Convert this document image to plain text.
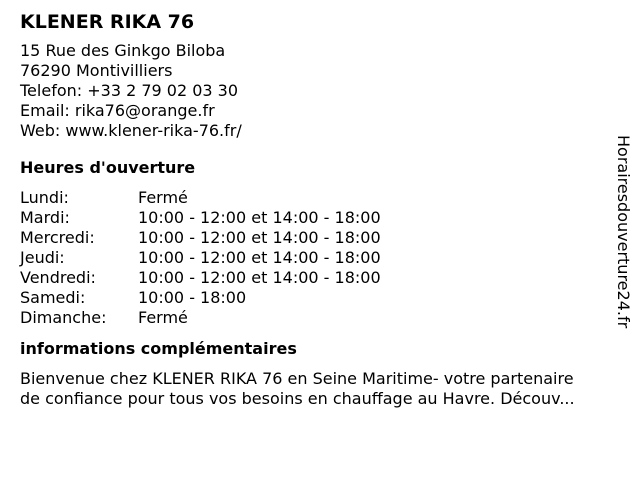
KLENER RIKA 76
15 Rue des Ginkgo Biloba
76290 Montivilliers
Telefon: +33 2 79 02 03 30
Email: rika76@orange.fr
Web: www.klener-rika-76.fr/
Heures d'ouverture
Lundi:	Fermé
Mardi:	10:00 - 12:00 et 14:00 - 18:00
Mercredi:	10:00 - 12:00 et 14:00 - 18:00
Jeudi:	10:00 - 12:00 et 14:00 - 18:00
Vendredi:	10:00 - 12:00 et 14:00 - 18:00
Samedi:	10:00 - 18:00
Dimanche:	Fermé
informations complémentaires
Bienvenue chez KLENER RIKA 76 en Seine Maritime- votre partenaire
de confiance pour tous vos besoins en chauffage au Havre. Découv...
Horairesdouverture24.fr
